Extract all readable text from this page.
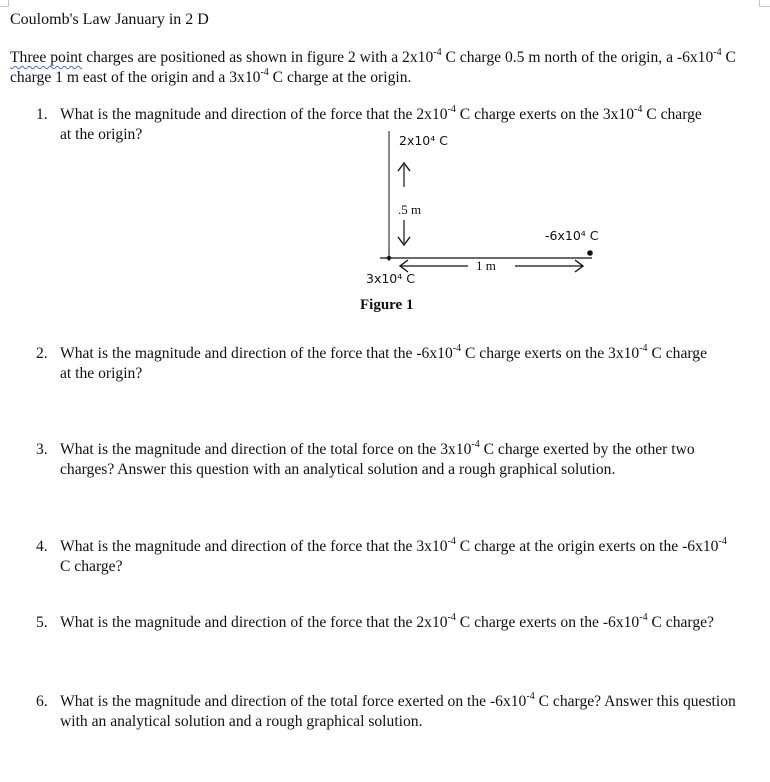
Coulomb's Law January in 2 D
Three point charges are positioned as shown in figure 2 with a $2x10^{-4}$ C charge 0.5 m north of the origin, a $-6x10^{-4}$ C charge 1 m east of the origin and a $3x10^{-4}$ C charge at the origin.
1. What is the magnitude and direction of the force that the $2x10^{-4}$ C charge exerts on the $3x10^{-4}$ C charge at the origin?	2x10⁴ C
.5 m
-6x10⁴ C
1 m
3x10⁴ C
Figure 1
2. What is the magnitude and direction of the force that the $-6x10^{-4}$ C charge exerts on the $3x10^{-4}$ C charge at the origin?
3. What is the magnitude and direction of the total force on the $3x10^{-4}$ C charge exerted by the other two charges? Answer this question with an analytical solution and a rough graphical solution.
4. What is the magnitude and direction of the force that the $3x10^{-4}$ C charge at the origin exerts on the $-6x10^{-4}$ C charge?
5. What is the magnitude and direction of the force that the $2x10^{-4}$ C charge exerts on the $-6x10^{-4}$ C charge?
6. What is the magnitude and direction of the total force exerted on the $-6x10^{-4}$ C charge? Answer this question with an analytical solution and a rough graphical solution.
